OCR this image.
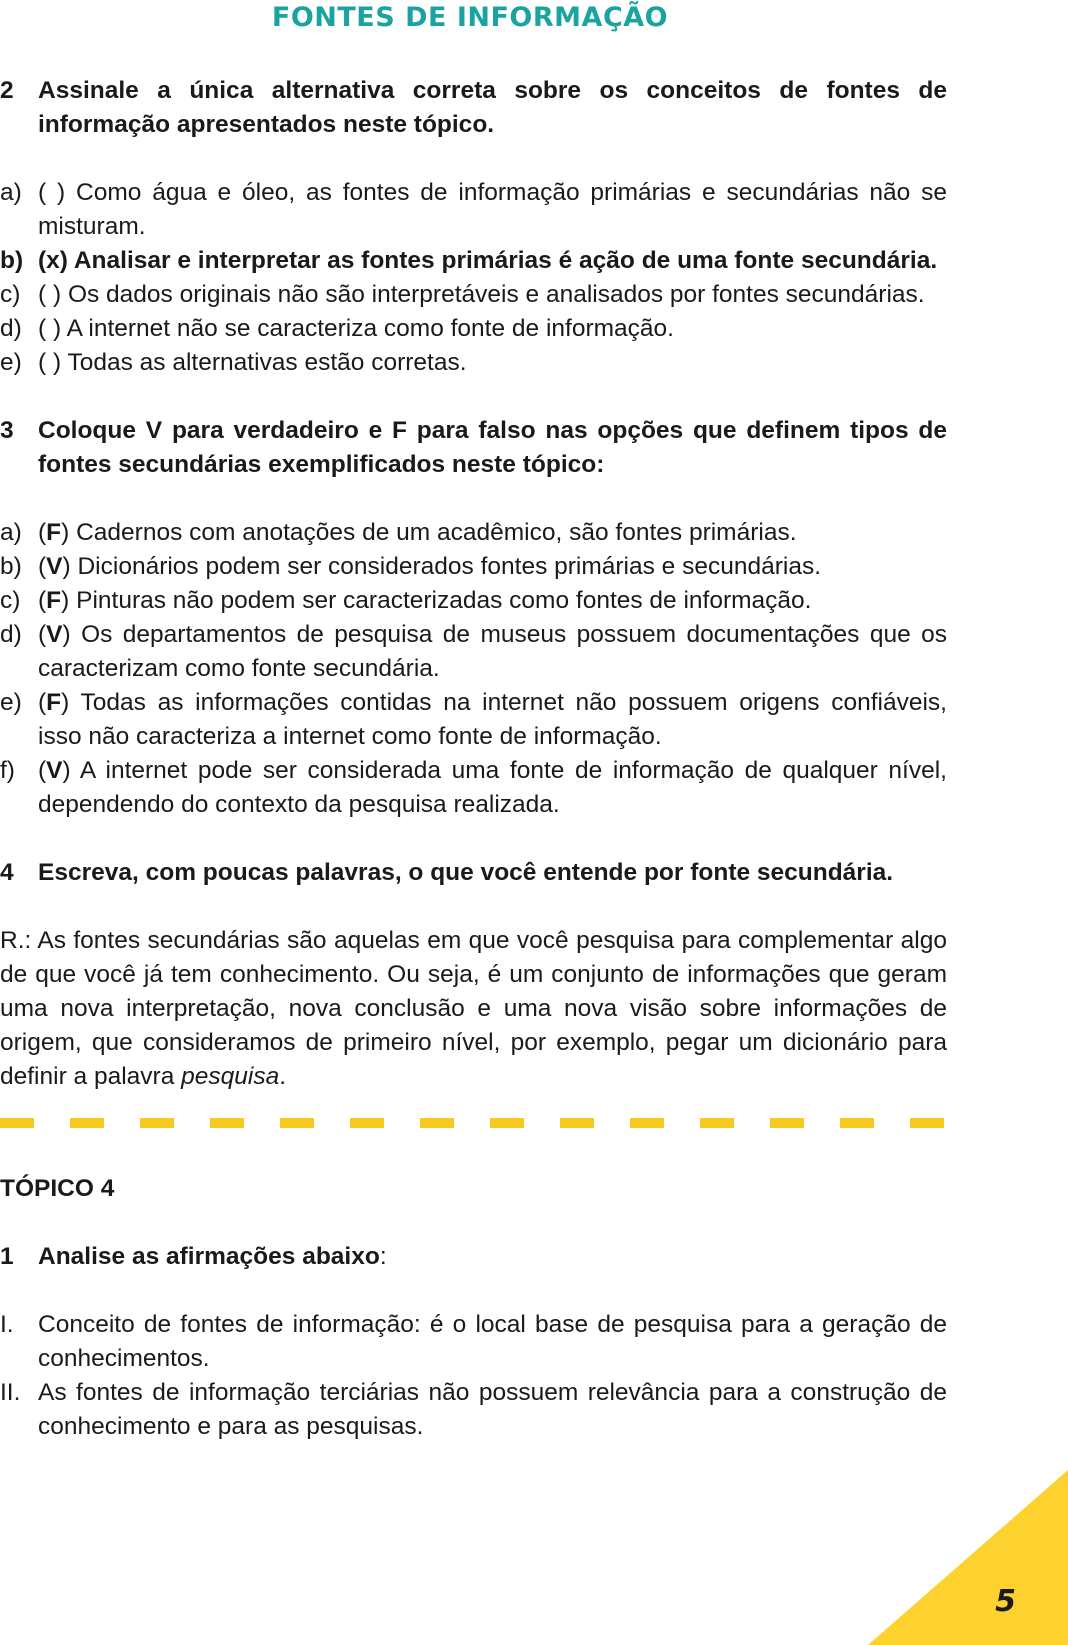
FONTES DE INFORMAÇÃO
2 Assinale a única alternativa correta sobre os conceitos de fontes de informação apresentados neste tópico.
a) ( ) Como água e óleo, as fontes de informação primárias e secundárias não se misturam.
b) (x) Analisar e interpretar as fontes primárias é ação de uma fonte secundária.
c) ( ) Os dados originais não são interpretáveis e analisados por fontes secundárias.
d) ( ) A internet não se caracteriza como fonte de informação.
e) ( ) Todas as alternativas estão corretas.
3 Coloque V para verdadeiro e F para falso nas opções que definem tipos de fontes secundárias exemplificados neste tópico:
a) (F) Cadernos com anotações de um acadêmico, são fontes primárias.
b) (V) Dicionários podem ser considerados fontes primárias e secundárias.
c) (F) Pinturas não podem ser caracterizadas como fontes de informação.
d) (V) Os departamentos de pesquisa de museus possuem documentações que os caracterizam como fonte secundária.
e) (F) Todas as informações contidas na internet não possuem origens confiáveis, isso não caracteriza a internet como fonte de informação.
f) (V) A internet pode ser considerada uma fonte de informação de qualquer nível, dependendo do contexto da pesquisa realizada.
4 Escreva, com poucas palavras, o que você entende por fonte secundária.
R.: As fontes secundárias são aquelas em que você pesquisa para complementar algo de que você já tem conhecimento. Ou seja, é um conjunto de informações que geram uma nova interpretação, nova conclusão e uma nova visão sobre informações de origem, que consideramos de primeiro nível, por exemplo, pegar um dicionário para definir a palavra pesquisa.
TÓPICO 4
1 Analise as afirmações abaixo:
I. Conceito de fontes de informação: é o local base de pesquisa para a geração de conhecimentos.
II. As fontes de informação terciárias não possuem relevância para a construção de conhecimento e para as pesquisas.
5
